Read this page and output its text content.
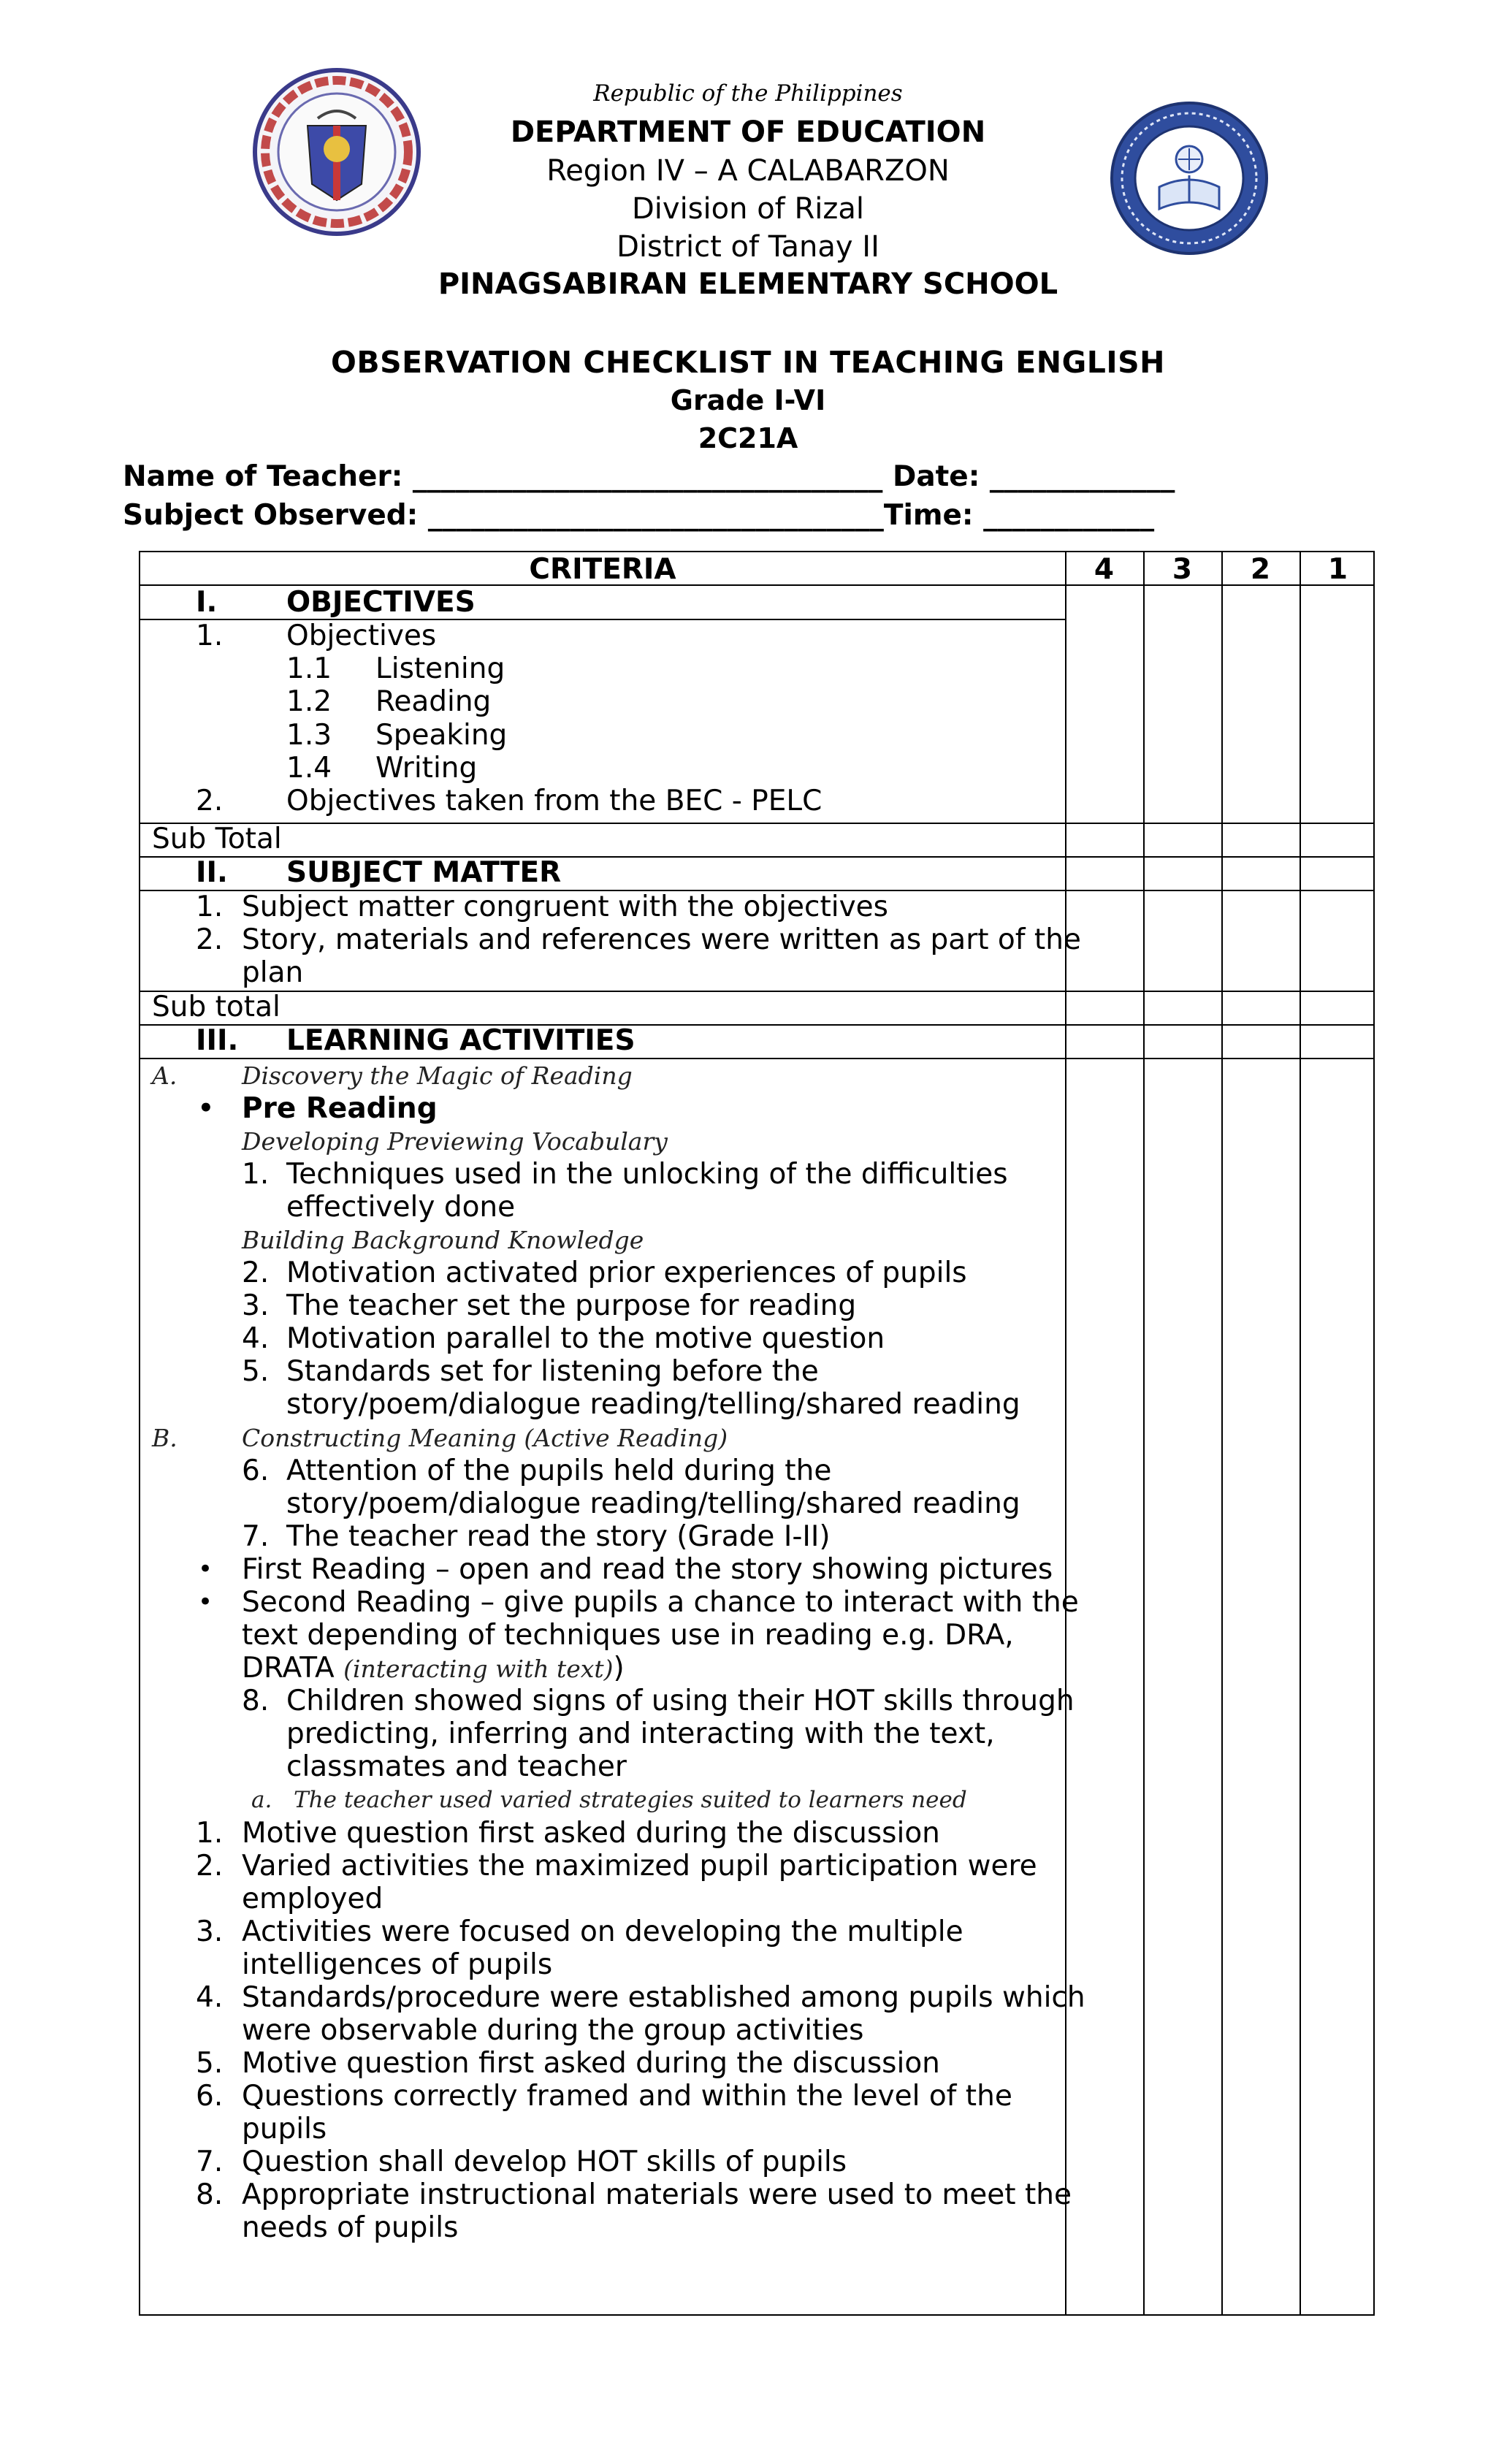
Republic of the Philippines
DEPARTMENT OF EDUCATION
Region IV – A CALABARZON
Division of Rizal
District of Tanay II
PINAGSABIRAN ELEMENTARY SCHOOL
OBSERVATION CHECKLIST IN TEACHING ENGLISH
Grade I-VI
2C21A
Name of Teacher: _________________________________ Date: _____________
Subject Observed: ________________________________Time: ____________
CRITERIA	4	3	2	1
I. OBJECTIVES
1. Objectives
1.1 Listening
1.2 Reading
1.3 Speaking
1.4 Writing
2. Objectives taken from the BEC - PELC
Sub Total
II. SUBJECT MATTER
1. Subject matter congruent with the objectives
2. Story, materials and references were written as part of the
plan
Sub total
III. LEARNING ACTIVITIES
A.	Discovery the Magic of Reading
• Pre Reading
Developing Previewing Vocabulary
1. Techniques used in the unlocking of the difficulties
effectively done
Building Background Knowledge
2. Motivation activated prior experiences of pupils
3. The teacher set the purpose for reading
4. Motivation parallel to the motive question
5. Standards set for listening before the
story/poem/dialogue reading/telling/shared reading
B.	Constructing Meaning (Active Reading)
6. Attention of the pupils held during the
story/poem/dialogue reading/telling/shared reading
7. The teacher read the story (Grade I-II)
• First Reading – open and read the story showing pictures
• Second Reading – give pupils a chance to interact with the
text depending of techniques use in reading e.g. DRA,
DRATA (interacting with text))
8. Children showed signs of using their HOT skills through
predicting, inferring and interacting with the text,
classmates and teacher
a. The teacher used varied strategies suited to learners need
1. Motive question first asked during the discussion
2. Varied activities the maximized pupil participation were
employed
3. Activities were focused on developing the multiple
intelligences of pupils
4. Standards/procedure were established among pupils which
were observable during the group activities
5. Motive question first asked during the discussion
6. Questions correctly framed and within the level of the
pupils
7. Question shall develop HOT skills of pupils
8. Appropriate instructional materials were used to meet the
needs of pupils
